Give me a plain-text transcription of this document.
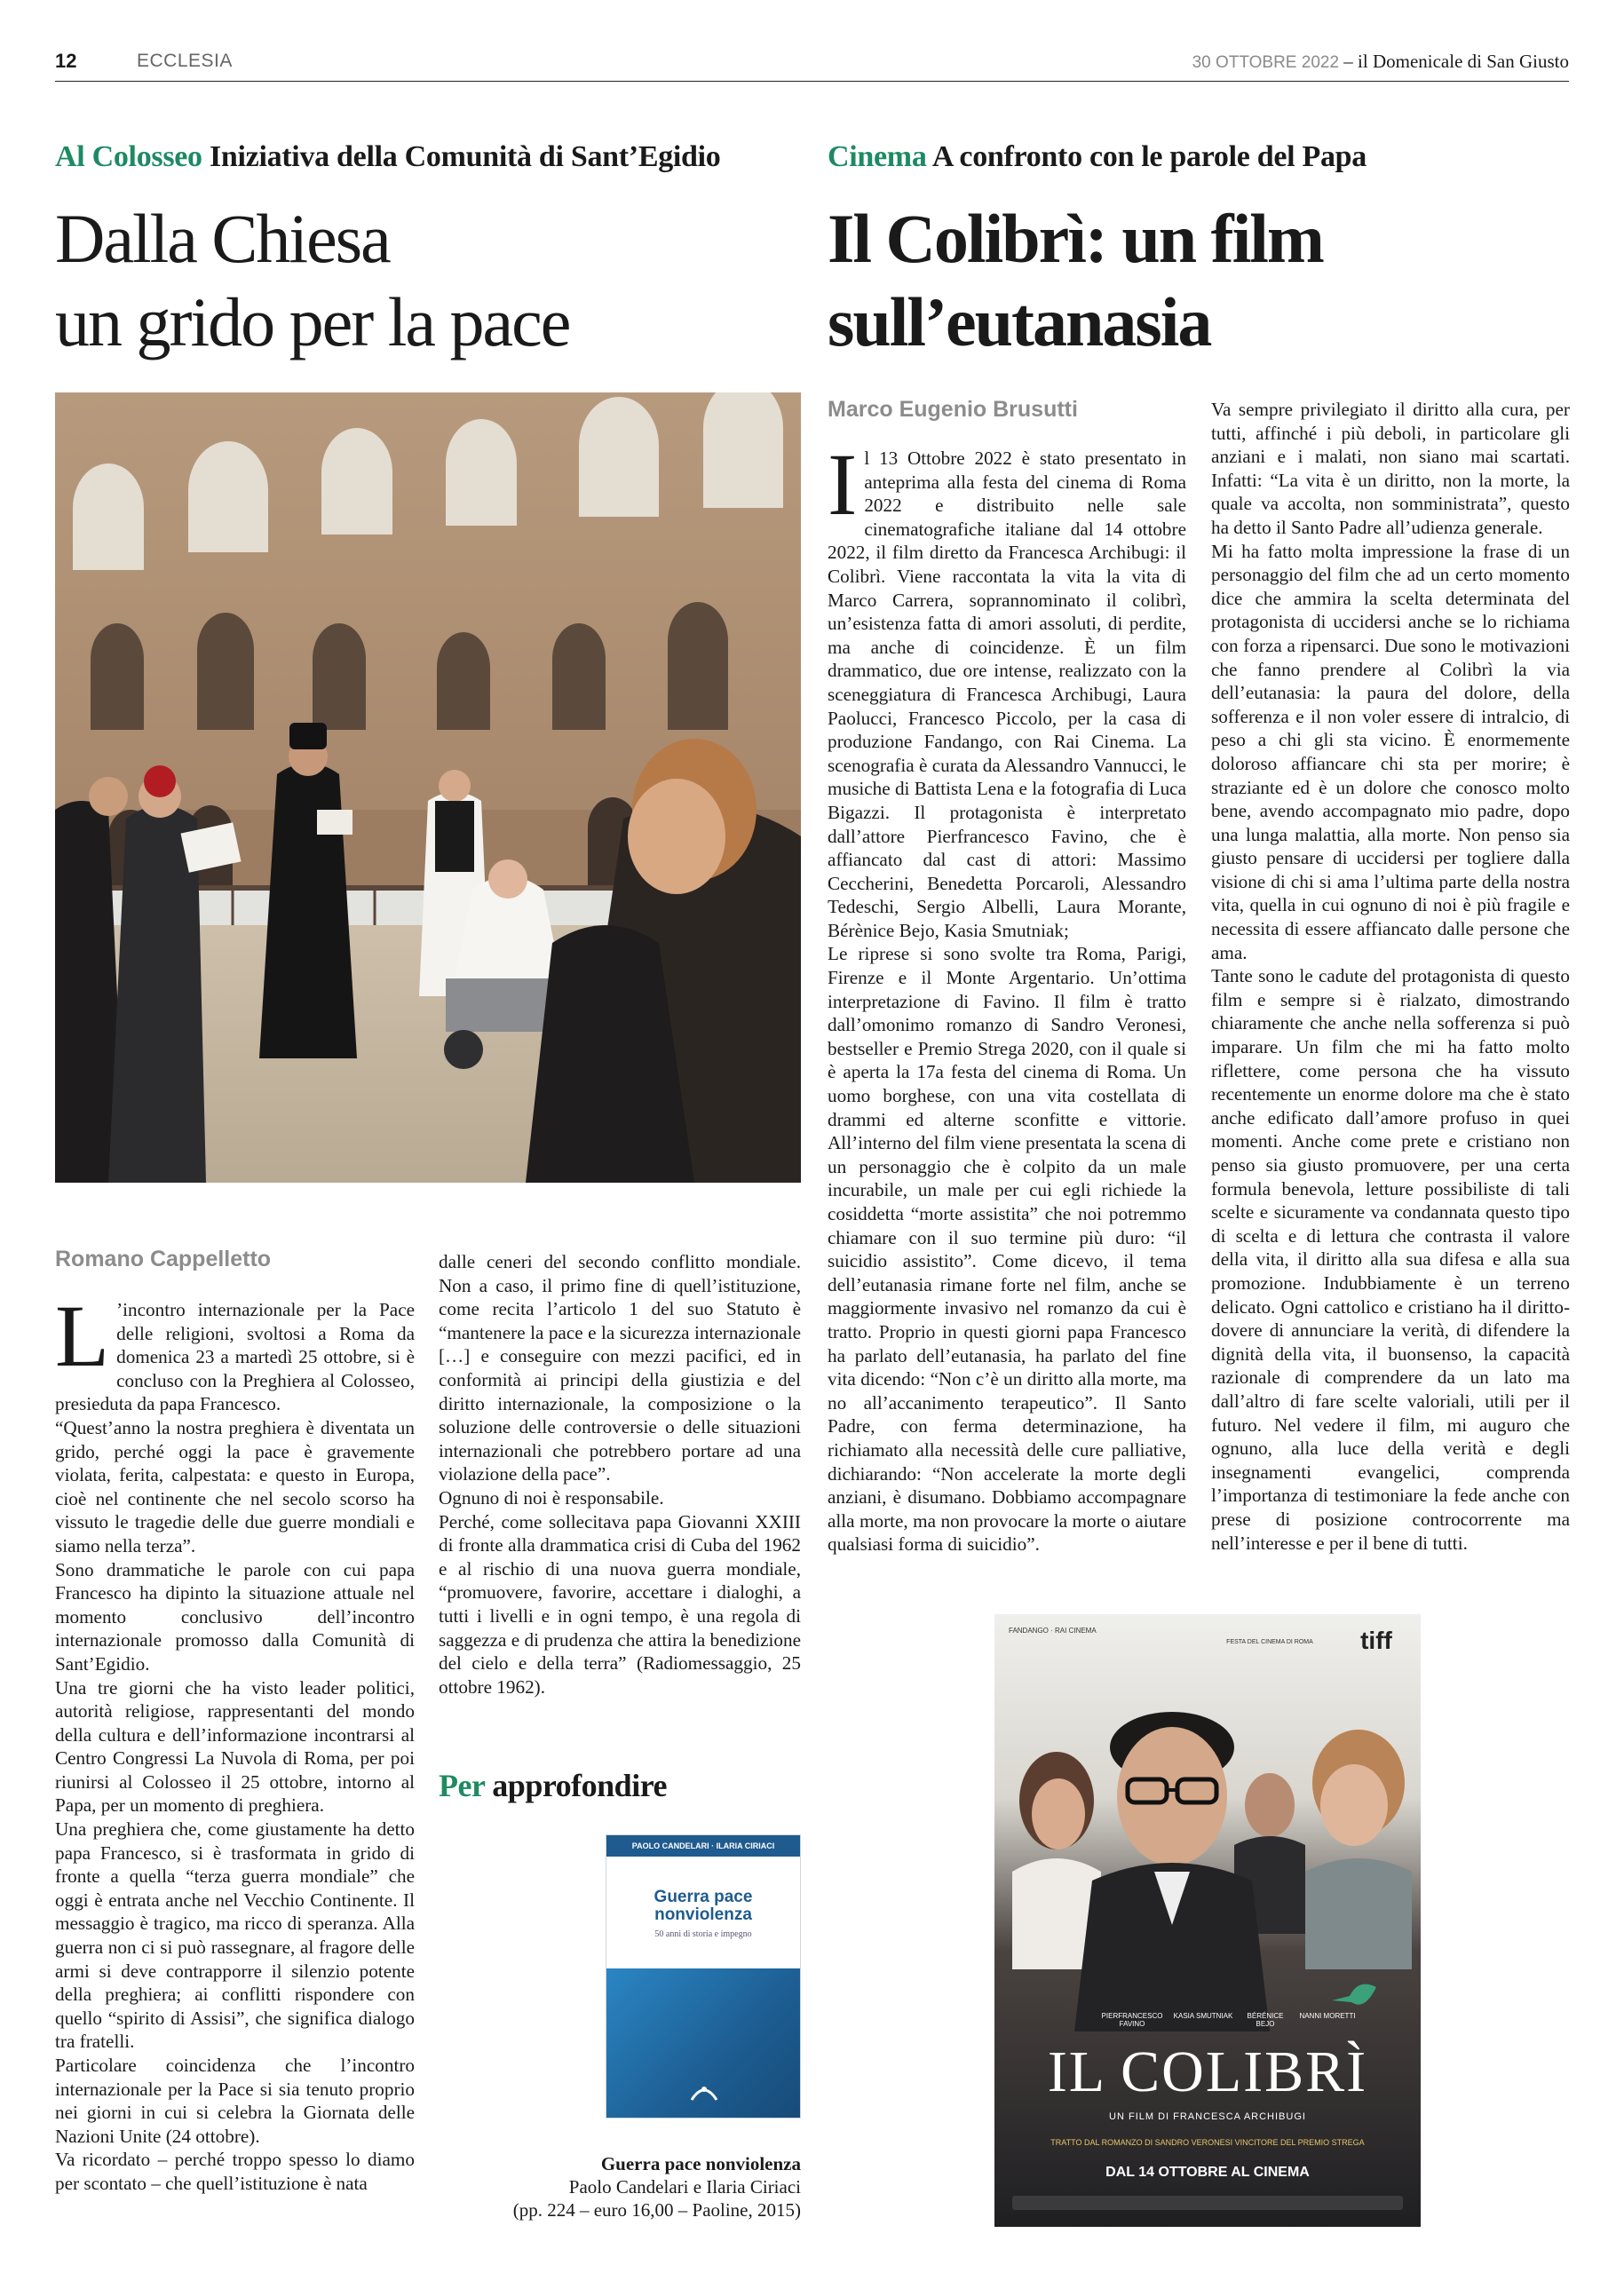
12	ECCLESIA	30 OTTOBRE 2022 – il Domenicale di San Giusto
Al Colosseo Iniziativa della Comunità di Sant’Egidio	Cinema A confronto con le parole del Papa
Dalla Chiesa
un grido per la pace
Il Colibrì: un film
sull’eutanasia
Romano Cappelletto
Marco Eugenio Brusutti

L ’incontro internazionale per la Pace delle religioni, svoltosi a Roma da domenica 23 a martedì 25 ottobre, si è concluso con la Preghiera al Colosseo, presieduta da papa Francesco.

“Quest’anno la nostra preghiera è diventata un grido, perché oggi la pace è gravemente violata, ferita, calpestata: e questo in Europa, cioè nel continente che nel secolo scorso ha vissuto le tragedie delle due guerre mondiali e siamo nella terza”.

Sono drammatiche le parole con cui papa Francesco ha dipinto la situazione attuale nel momento conclusivo dell’incontro internazionale promosso dalla Comunità di Sant’Egidio.

Una tre giorni che ha visto leader politici, autorità religiose, rappresentanti del mondo della cultura e dell’informazione incontrarsi al Centro Congressi La Nuvola di Roma, per poi riunirsi al Colosseo il 25 ottobre, intorno al Papa, per un momento di preghiera.

Una preghiera che, come giustamente ha detto papa Francesco, si è trasformata in grido di fronte a quella “terza guerra mondiale” che oggi è entrata anche nel Vecchio Continente. Il messaggio è tragico, ma ricco di speranza. Alla guerra non ci si può rassegnare, al fragore delle armi si deve contrapporre il silenzio potente della preghiera; ai conflitti rispondere con quello “spirito di Assisi”, che significa dialogo tra fratelli.

Particolare coincidenza che l’incontro internazionale per la Pace si sia tenuto proprio nei giorni in cui si celebra la Giornata delle Nazioni Unite (24 ottobre).

Va ricordato – perché troppo spesso lo diamo per scontato – che quell’istituzione è nata

dalle ceneri del secondo conflitto mondiale. Non a caso, il primo fine di quell’istituzione, come recita l’articolo 1 del suo Statuto è “mantenere la pace e la sicurezza internazionale […] e conseguire con mezzi pacifici, ed in conformità ai principi della giustizia e del diritto internazionale, la composizione o la soluzione delle controversie o delle situazioni internazionali che potrebbero portare ad una violazione della pace”.

Ognuno di noi è responsabile.

Perché, come sollecitava papa Giovanni XXIII di fronte alla drammatica crisi di Cuba del 1962 e al rischio di una nuova guerra mondiale, “promuovere, favorire, accettare i dialoghi, a tutti i livelli e in ogni tempo, è una regola di saggezza e di prudenza che attira la benedizione del cielo e della terra” (Radiomessaggio, 25 ottobre 1962).

Per approfondire
PAOLO CANDELARI · ILARIA CIRIACI
Guerra pace
nonviolenza
50 anni di storia e impegno
Guerra pace nonviolenza
Paolo Candelari e Ilaria Ciriaci
(pp. 224 – euro 16,00 – Paoline, 2015)

Il 13 Ottobre 2022 è stato presentato in anteprima alla festa del cinema di Roma 2022 e distribuito nelle sale cinematografiche italiane dal 14 ottobre 2022, il film diretto da Francesca Archibugi: il Colibrì. Viene raccontata la vita la vita di Marco Carrera, soprannominato il colibrì, un’esistenza fatta di amori assoluti, di perdite, ma anche di coincidenze. È un film drammatico, due ore intense, realizzato con la sceneggiatura di Francesca Archibugi, Laura Paolucci, Francesco Piccolo, per la casa di produzione Fandango, con Rai Cinema. La scenografia è curata da Alessandro Vannucci, le musiche di Battista Lena e la fotografia di Luca Bigazzi. Il protagonista è interpretato dall’attore Pierfrancesco Favino, che è affiancato dal cast di attori: Massimo Ceccherini, Benedetta Porcaroli, Alessandro Tedeschi, Sergio Albelli, Laura Morante, Bérènice Bejo, Kasia Smutniak;

Le riprese si sono svolte tra Roma, Parigi, Firenze e il Monte Argentario. Un’ottima interpretazione di Favino. Il film è tratto dall’omonimo romanzo di Sandro Veronesi, bestseller e Premio Strega 2020, con il quale si è aperta la 17a festa del cinema di Roma. Un uomo borghese, con una vita costellata di drammi ed alterne sconfitte e vittorie. All’interno del film viene presentata la scena di un personaggio che è colpito da un male incurabile, un male per cui egli richiede la cosiddetta “morte assistita” che noi potremmo chiamare con il suo termine più duro: “il suicidio assistito”. Come dicevo, il tema dell’eutanasia rimane forte nel film, anche se maggiormente invasivo nel romanzo da cui è tratto. Proprio in questi giorni papa Francesco ha parlato dell’eutanasia, ha parlato del fine vita dicendo: “Non c’è un diritto alla morte, ma no all’accanimento terapeutico”. Il Santo Padre, con ferma determinazione, ha richiamato alla necessità delle cure palliative, dichiarando: “Non accelerate la morte degli anziani, è disumano. Dobbiamo accompagnare alla morte, ma non provocare la morte o aiutare qualsiasi forma di suicidio”.

Va sempre privilegiato il diritto alla cura, per tutti, affinché i più deboli, in particolare gli anziani e i malati, non siano mai scartati. Infatti: “La vita è un diritto, non la morte, la quale va accolta, non somministrata”, questo ha detto il Santo Padre all’udienza generale.

Mi ha fatto molta impressione la frase di un personaggio del film che ad un certo momento dice che ammira la scelta determinata del protagonista di uccidersi anche se lo richiama con forza a ripensarci. Due sono le motivazioni che fanno prendere al Colibrì la via dell’eutanasia: la paura del dolore, della sofferenza e il non voler essere di intralcio, di peso a chi gli sta vicino. È enormemente doloroso affiancare chi sta per morire; è straziante ed è un dolore che conosco molto bene, avendo accompagnato mio padre, dopo una lunga malattia, alla morte. Non penso sia giusto pensare di uccidersi per togliere dalla visione di chi si ama l’ultima parte della nostra vita, quella in cui ognuno di noi è più fragile e necessita di essere affiancato dalle persone che ama.

Tante sono le cadute del protagonista di questo film e sempre si è rialzato, dimostrando chiaramente che anche nella sofferenza si può imparare. Un film che mi ha fatto molto riflettere, come persona che ha vissuto recentemente un enorme dolore ma che è stato anche edificato dall’amore profuso in quei momenti. Anche come prete e cristiano non penso sia giusto promuovere, per una certa formula benevola, letture possibiliste di tali scelte e sicuramente va condannata questo tipo di scelta e di lettura che contrasta il valore della vita, il diritto alla sua difesa e alla sua promozione. Indubbiamente è un terreno delicato. Ogni cattolico e cristiano ha il diritto-dovere di annunciare la verità, di difendere la dignità della vita, il buonsenso, la capacità razionale di comprendere da un lato ma dall’altro di fare scelte valoriali, utili per il futuro. Nel vedere il film, mi auguro che ognuno, alla luce della verità e degli insegnamenti evangelici, comprenda l’importanza di testimoniare la fede anche con prese di posizione controcorrente ma nell’interesse e per il bene di tutti.

FANDANGO · RAI CINEMA
FESTA DEL CINEMA DI ROMA	tiff
PIERFRANCESCO FAVINO
KASIA SMUTNIAK	BÉRÉNICE BEJO
NANNI MORETTI
IL COLIBRÌ
UN FILM DI FRANCESCA ARCHIBUGI
TRATTO DAL ROMANZO DI SANDRO VERONESI VINCITORE DEL PREMIO STREGA
DAL 14 OTTOBRE AL CINEMA
